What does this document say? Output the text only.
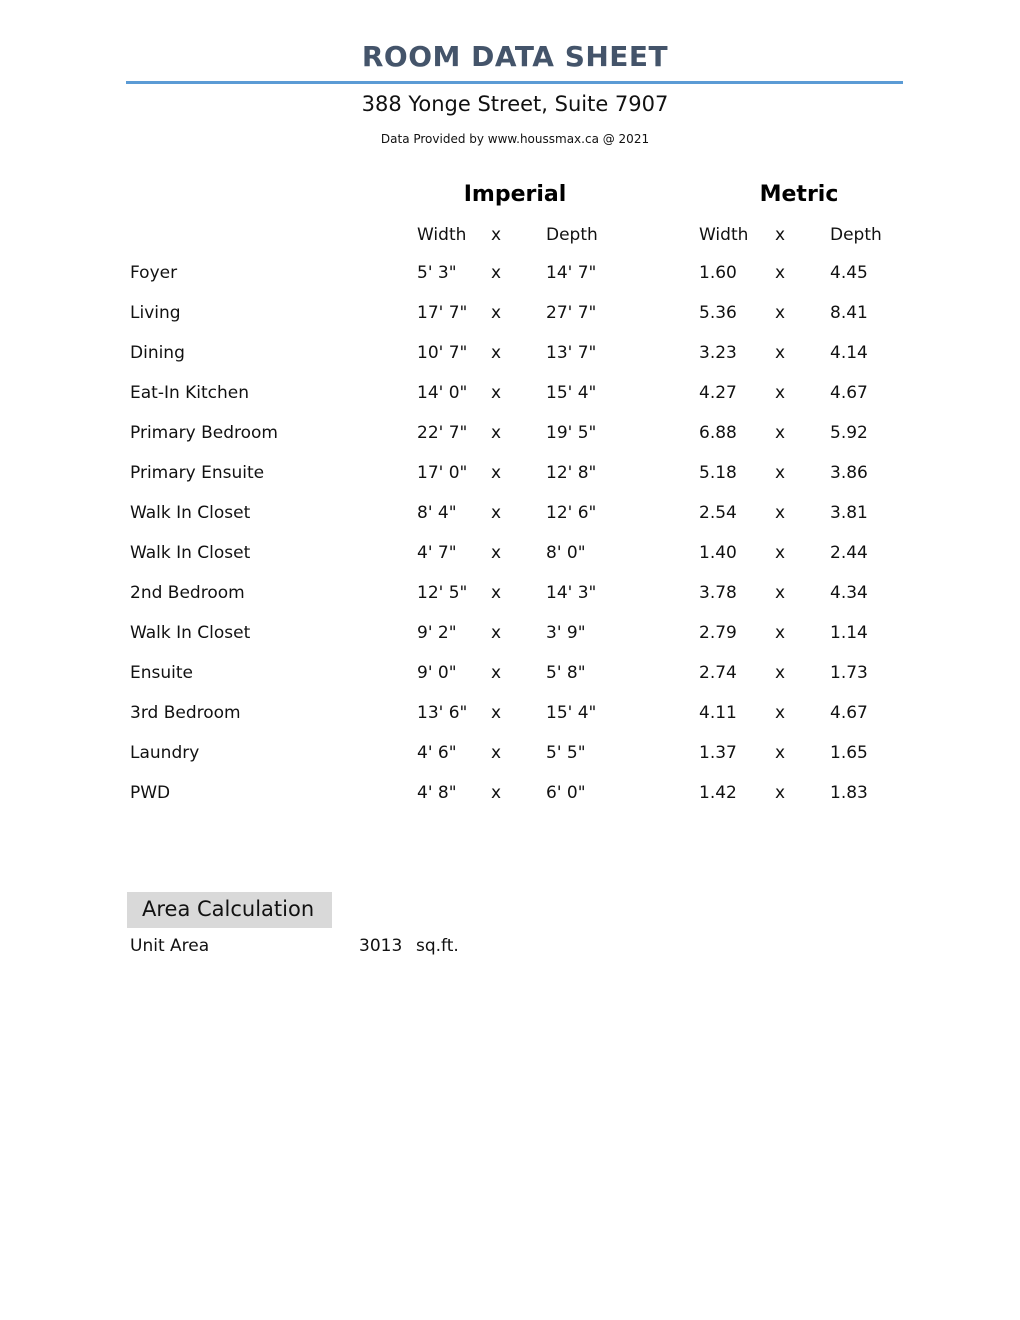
ROOM DATA SHEET
388 Yonge Street, Suite 7907
Data Provided by www.houssmax.ca @ 2021
Imperial	Metric
Width x	Depth	Width x	Depth
Foyer	5' 3" x	14' 7"	1.60 x	4.45
Living	17' 7" x	27' 7"	5.36 x	8.41
Dining	10' 7" x	13' 7"	3.23 x	4.14
Eat-In Kitchen	14' 0" x	15' 4"	4.27 x	4.67
Primary Bedroom	22' 7" x	19' 5"	6.88 x	5.92
Primary Ensuite	17' 0" x	12' 8"	5.18 x	3.86
Walk In Closet	8' 4" x	12' 6"	2.54 x	3.81
Walk In Closet	4' 7" x	8' 0"	1.40 x	2.44
2nd Bedroom	12' 5" x	14' 3"	3.78 x	4.34
Walk In Closet	9' 2" x	3' 9"	2.79 x	1.14
Ensuite	9' 0" x	5' 8"	2.74 x	1.73
3rd Bedroom	13' 6" x	15' 4"	4.11 x	4.67
Laundry	4' 6" x	5' 5"	1.37 x	1.65
PWD	4' 8" x	6' 0"	1.42 x	1.83
Area Calculation
Unit Area	3013 sq.ft.
